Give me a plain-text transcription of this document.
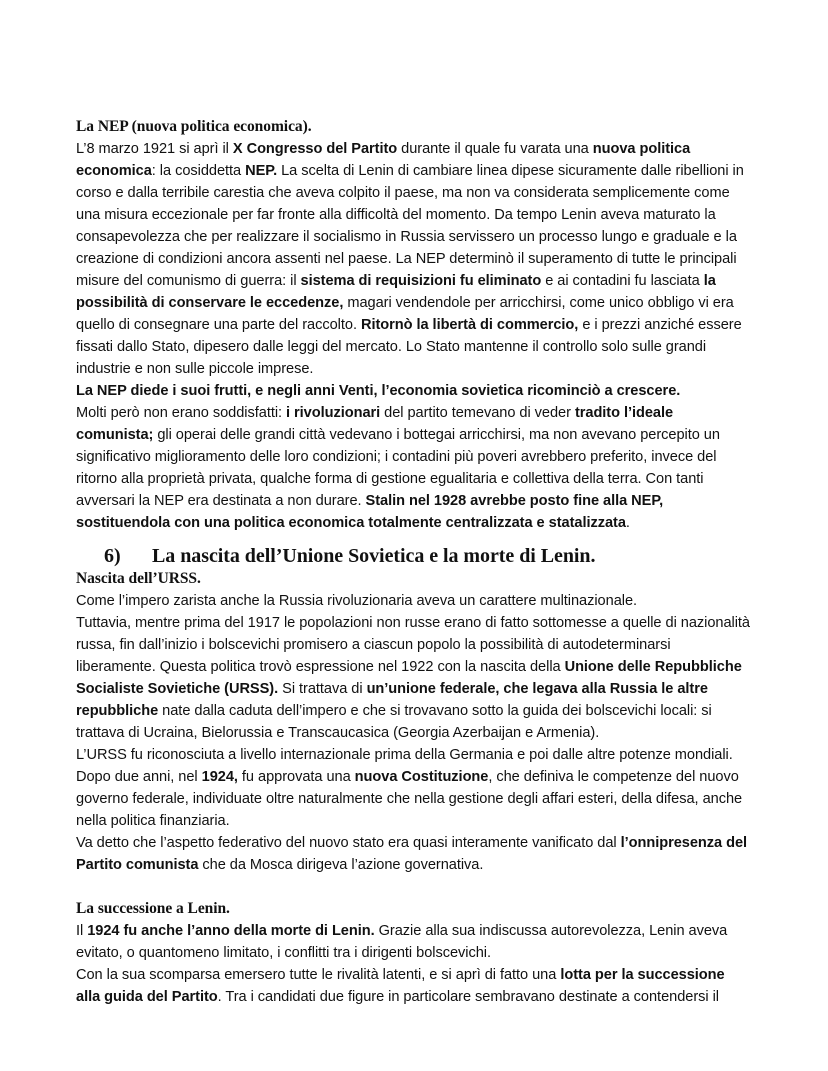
La NEP (nuova politica economica).

L’8 marzo 1921 si aprì il X Congresso del Partito durante il quale fu varata una nuova politica economica: la cosiddetta NEP. La scelta di Lenin di cambiare linea dipese sicuramente dalle ribellioni in corso e dalla terribile carestia che aveva colpito il paese, ma non va considerata semplicemente come una misura eccezionale per far fronte alla difficoltà del momento. Da tempo Lenin aveva maturato la consapevolezza che per realizzare il socialismo in Russia servissero un processo lungo e graduale e la creazione di condizioni ancora assenti nel paese. La NEP determinò il superamento di tutte le principali misure del comunismo di guerra: il sistema di requisizioni fu eliminato e ai contadini fu lasciata la possibilità di conservare le eccedenze, magari vendendole per arricchirsi, come unico obbligo vi era quello di consegnare una parte del raccolto. Ritornò la libertà di commercio, e i prezzi anziché essere fissati dallo Stato, dipesero dalle leggi del mercato. Lo Stato mantenne il controllo solo sulle grandi industrie e non sulle piccole imprese.

La NEP diede i suoi frutti, e negli anni Venti, l’economia sovietica ricominciò a crescere.

Molti però non erano soddisfatti: i rivoluzionari del partito temevano di veder tradito l’ideale comunista; gli operai delle grandi città vedevano i bottegai arricchirsi, ma non avevano percepito un significativo miglioramento delle loro condizioni; i contadini più poveri avrebbero preferito, invece del ritorno alla proprietà privata, qualche forma di gestione egualitaria e collettiva della terra. Con tanti avversari la NEP era destinata a non durare. Stalin nel 1928 avrebbe posto fine alla NEP, sostituendola con una politica economica totalmente centralizzata e statalizzata.

6) La nascita dell’Unione Sovietica e la morte di Lenin.
Nascita dell’URSS.

Come l’impero zarista anche la Russia rivoluzionaria aveva un carattere multinazionale.

Tuttavia, mentre prima del 1917 le popolazioni non russe erano di fatto sottomesse a quelle di nazionalità russa, fin dall’inizio i bolscevichi promisero a ciascun popolo la possibilità di autodeterminarsi liberamente. Questa politica trovò espressione nel 1922 con la nascita della Unione delle Repubbliche Socialiste Sovietiche (URSS). Si trattava di un’unione federale, che legava alla Russia le altre repubbliche nate dalla caduta dell’impero e che si trovavano sotto la guida dei bolscevichi locali: si trattava di Ucraina, Bielorussia e Transcaucasica (Georgia Azerbaijan e Armenia).

L’URSS fu riconosciuta a livello internazionale prima della Germania e poi dalle altre potenze mondiali.

Dopo due anni, nel 1924, fu approvata una nuova Costituzione, che definiva le competenze del nuovo governo federale, individuate oltre naturalmente che nella gestione degli affari esteri, della difesa, anche nella politica finanziaria.

Va detto che l’aspetto federativo del nuovo stato era quasi interamente vanificato dal l’onnipresenza del Partito comunista che da Mosca dirigeva l’azione governativa.

La successione a Lenin.

Il 1924 fu anche l’anno della morte di Lenin. Grazie alla sua indiscussa autorevolezza, Lenin aveva evitato, o quantomeno limitato, i conflitti tra i dirigenti bolscevichi.

Con la sua scomparsa emersero tutte le rivalità latenti, e si aprì di fatto una lotta per la successione alla guida del Partito. Tra i candidati due figure in particolare sembravano destinate a contendersi il
